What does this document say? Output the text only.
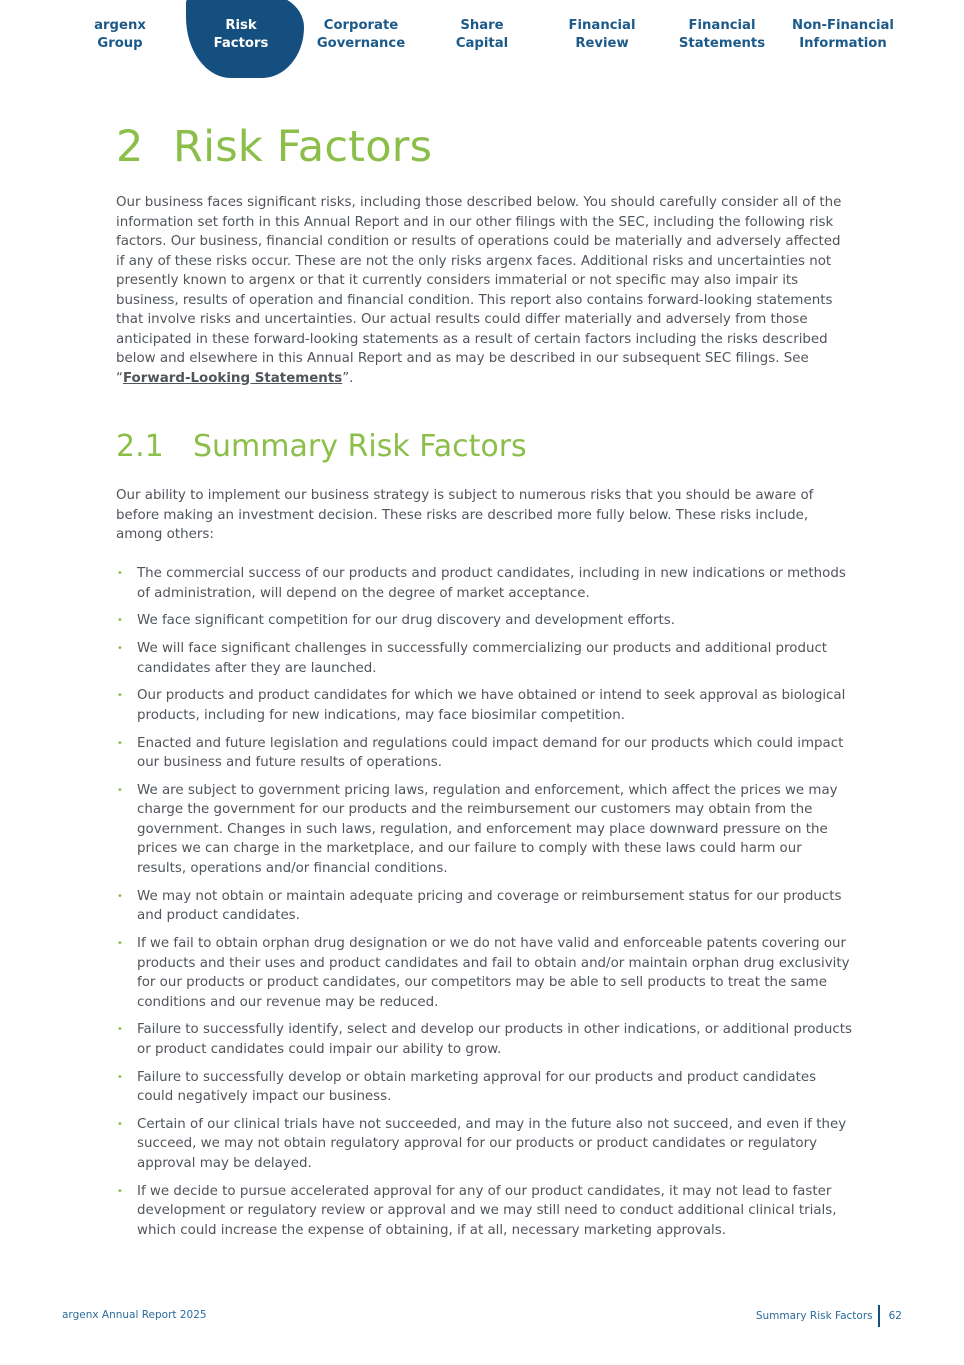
argenx
Group
Risk
Factors
Corporate
Governance
Share
Capital
Financial
Review
Financial
Statements
Non-Financial
Information
2 Risk Factors

Our business faces significant risks, including those described below. You should carefully consider all of the information set forth in this Annual Report and in our other filings with the SEC, including the following risk factors. Our business, financial condition or results of operations could be materially and adversely affected if any of these risks occur. These are not the only risks argenx faces. Additional risks and uncertainties not presently known to argenx or that it currently considers immaterial or not specific may also impair its business, results of operation and financial condition. This report also contains forward-looking statements that involve risks and uncertainties. Our actual results could differ materially and adversely from those anticipated in these forward-looking statements as a result of certain factors including the risks described below and elsewhere in this Annual Report and as may be described in our subsequent SEC filings. See “Forward-Looking Statements”.

2.1 Summary Risk Factors

Our ability to implement our business strategy is subject to numerous risks that you should be aware of before making an investment decision. These risks are described more fully below. These risks include, among others:

• The commercial success of our products and product candidates, including in new indications or methods of administration, will depend on the degree of market acceptance.
• We face significant competition for our drug discovery and development efforts.
• We will face significant challenges in successfully commercializing our products and additional product candidates after they are launched.
• Our products and product candidates for which we have obtained or intend to seek approval as biological products, including for new indications, may face biosimilar competition.
• Enacted and future legislation and regulations could impact demand for our products which could impact our business and future results of operations.
• We are subject to government pricing laws, regulation and enforcement, which affect the prices we may charge the government for our products and the reimbursement our customers may obtain from the government. Changes in such laws, regulation, and enforcement may place downward pressure on the prices we can charge in the marketplace, and our failure to comply with these laws could harm our results, operations and/or financial conditions.
• We may not obtain or maintain adequate pricing and coverage or reimbursement status for our products and product candidates.
• If we fail to obtain orphan drug designation or we do not have valid and enforceable patents covering our products and their uses and product candidates and fail to obtain and/or maintain orphan drug exclusivity for our products or product candidates, our competitors may be able to sell products to treat the same conditions and our revenue may be reduced.
• Failure to successfully identify, select and develop our products in other indications, or additional products or product candidates could impair our ability to grow.
• Failure to successfully develop or obtain marketing approval for our products and product candidates could negatively impact our business.
• Certain of our clinical trials have not succeeded, and may in the future also not succeed, and even if they succeed, we may not obtain regulatory approval for our products or product candidates or regulatory approval may be delayed.
• If we decide to pursue accelerated approval for any of our product candidates, it may not lead to faster development or regulatory review or approval and we may still need to conduct additional clinical trials, which could increase the expense of obtaining, if at all, necessary marketing approvals.
argenx Annual Report 2025	Summary Risk Factors 62
